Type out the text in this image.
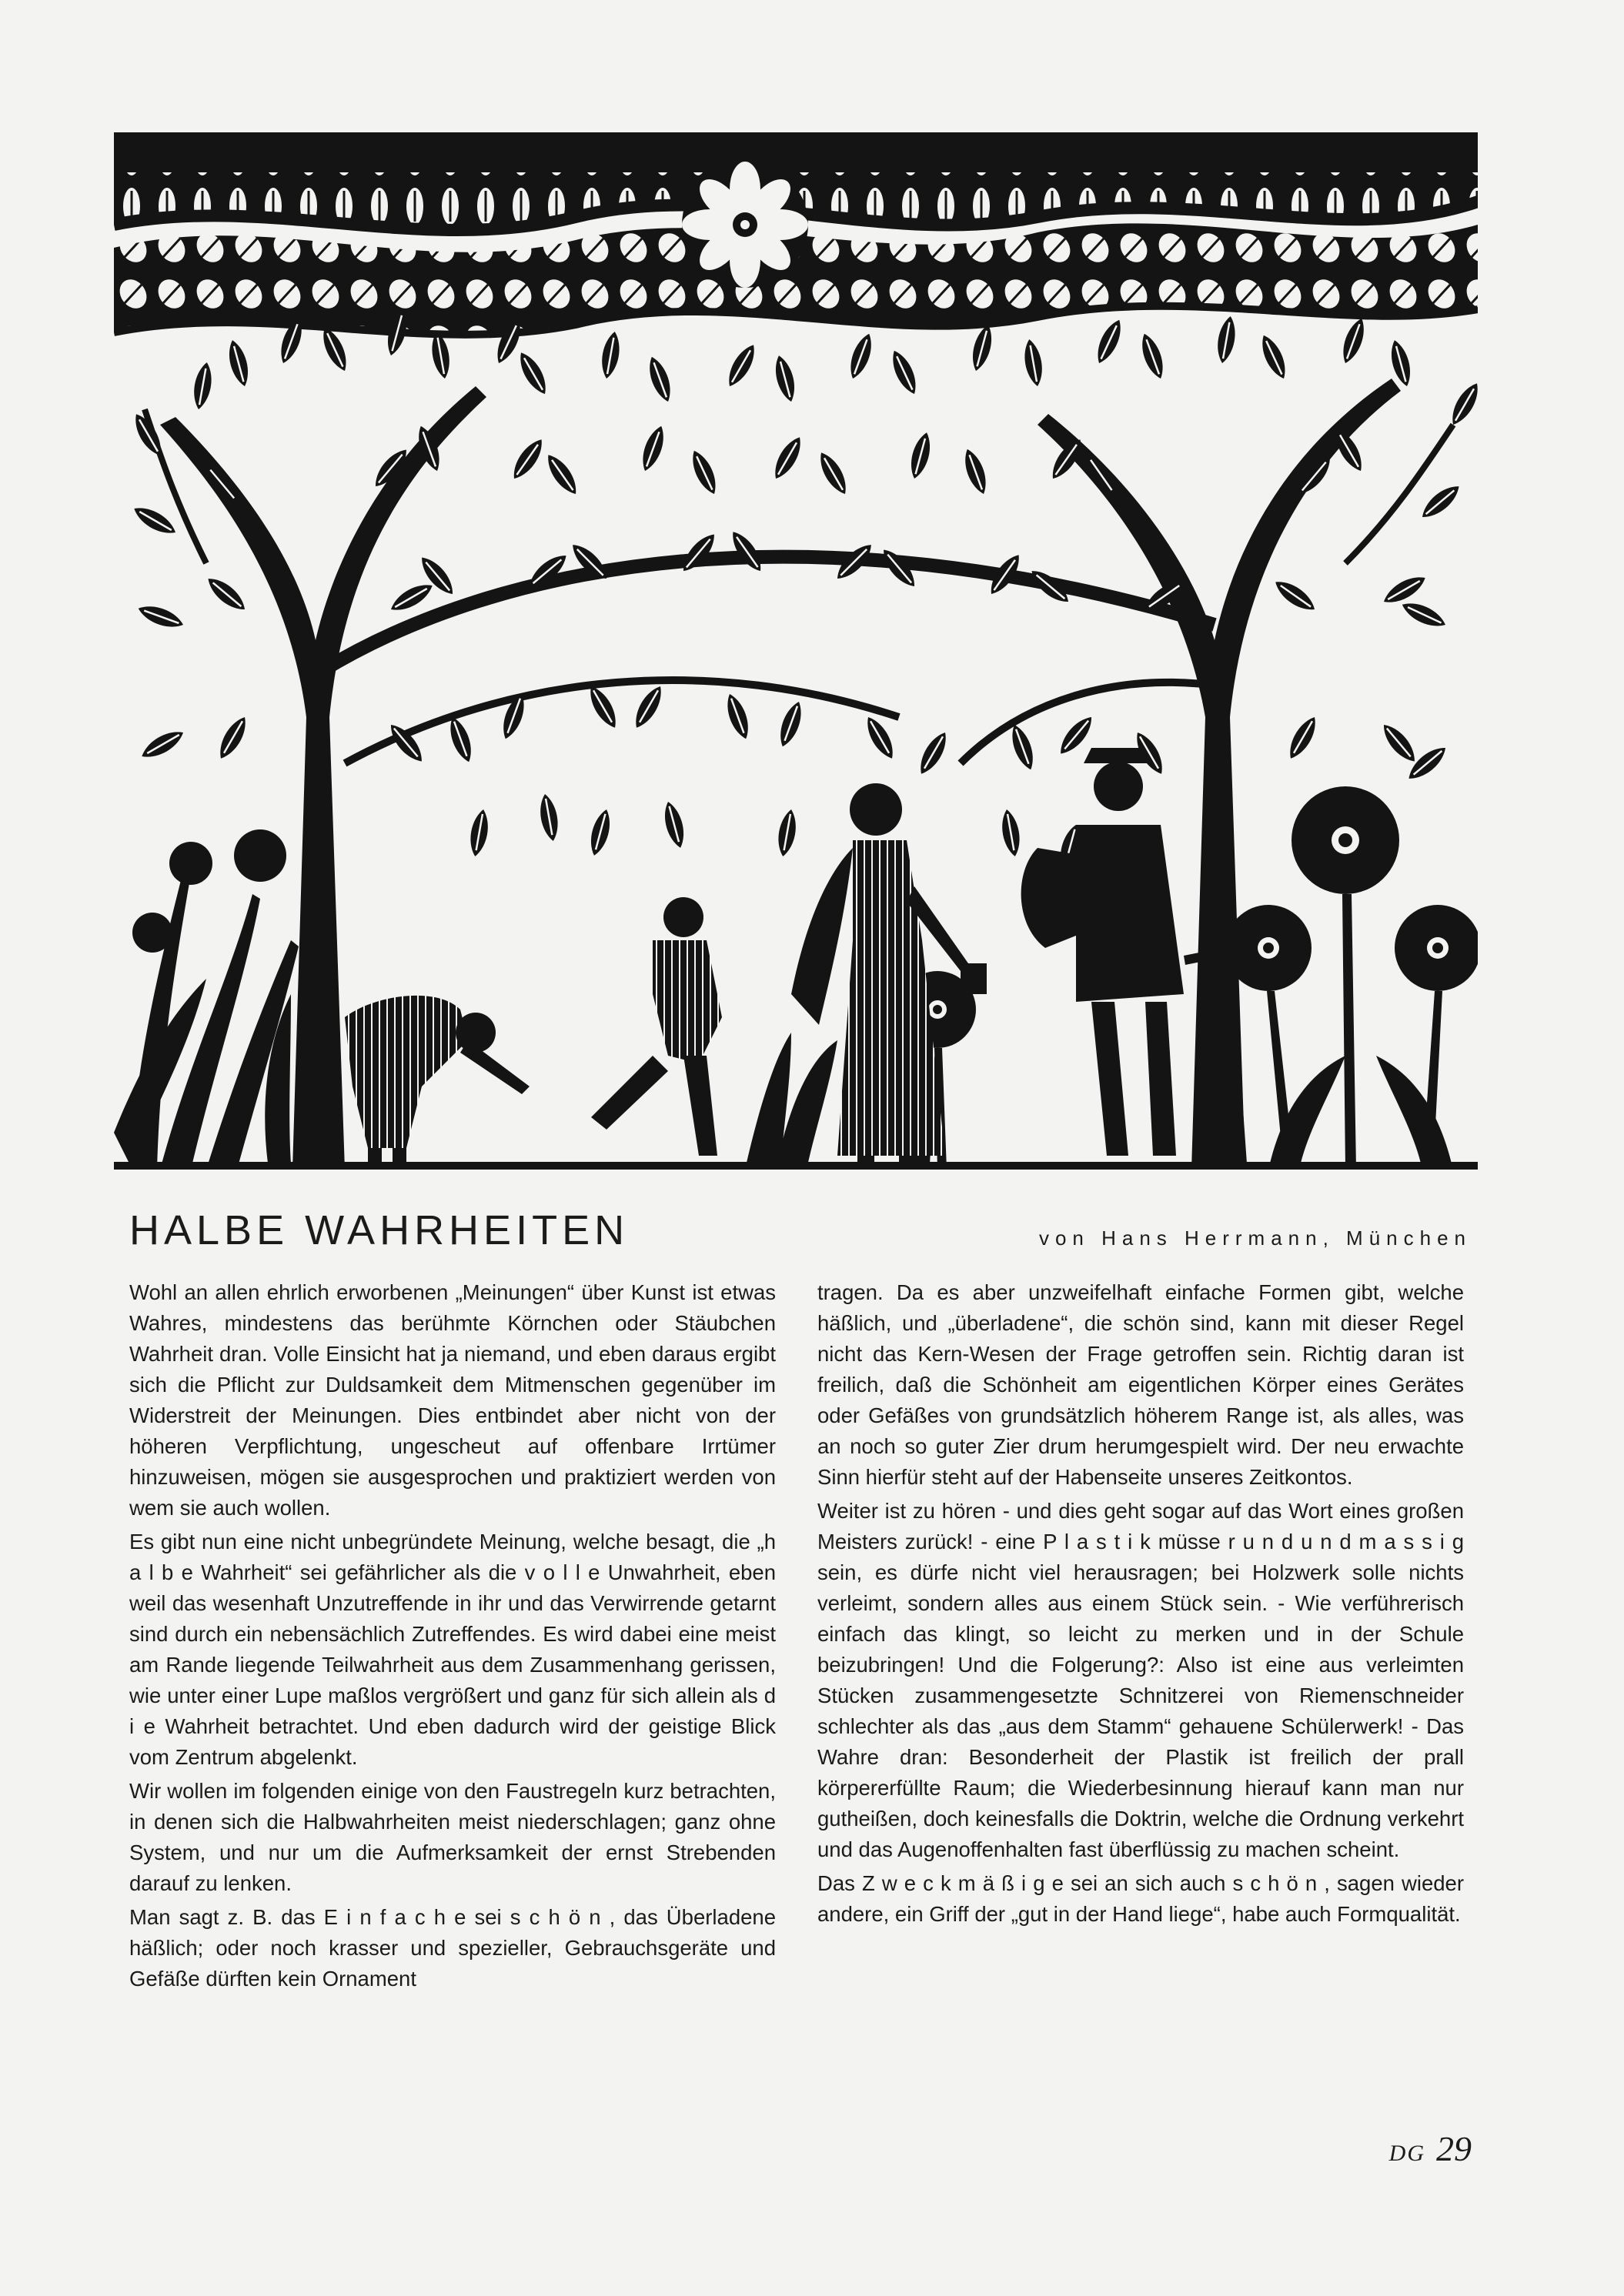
HALBE WAHRHEITEN	von Hans Herrmann, München

Wohl an allen ehrlich erworbenen „Meinungen“ über Kunst ist etwas Wahres, mindestens das berühmte Körnchen oder Stäubchen Wahrheit dran. Volle Einsicht hat ja niemand, und eben daraus ergibt sich die Pflicht zur Duldsamkeit dem Mitmenschen gegenüber im Widerstreit der Meinungen. Dies entbindet aber nicht von der höheren Verpflichtung, ungescheut auf offenbare Irrtümer hinzuweisen, mögen sie ausgesprochen und praktiziert werden von wem sie auch wollen.

Es gibt nun eine nicht unbegründete Meinung, welche besagt, die „h a l b e Wahrheit“ sei gefährlicher als die v o l l e Unwahrheit, eben weil das wesenhaft Unzutreffende in ihr und das Verwirrende getarnt sind durch ein nebensächlich Zutreffendes. Es wird dabei eine meist am Rande liegende Teilwahrheit aus dem Zusammenhang gerissen, wie unter einer Lupe maßlos vergrößert und ganz für sich allein als d i e Wahrheit betrachtet. Und eben dadurch wird der geistige Blick vom Zentrum abgelenkt.

Wir wollen im folgenden einige von den Faustregeln kurz betrachten, in denen sich die Halbwahrheiten meist niederschlagen; ganz ohne System, und nur um die Aufmerksamkeit der ernst Strebenden darauf zu lenken.

Man sagt z. B. das E i n f a c h e sei s c h ö n , das Überladene häßlich; oder noch krasser und spezieller, Gebrauchsgeräte und Gefäße dürften kein Ornament

tragen. Da es aber unzweifelhaft einfache Formen gibt, welche häßlich, und „überladene“, die schön sind, kann mit dieser Regel nicht das Kern-Wesen der Frage getroffen sein. Richtig daran ist freilich, daß die Schönheit am eigentlichen Körper eines Gerätes oder Gefäßes von grundsätzlich höherem Range ist, als alles, was an noch so guter Zier drum herumgespielt wird. Der neu erwachte Sinn hierfür steht auf der Habenseite unseres Zeitkontos.

Weiter ist zu hören - und dies geht sogar auf das Wort eines großen Meisters zurück! - eine P l a s t i k müsse r u n d u n d m a s s i g sein, es dürfe nicht viel herausragen; bei Holzwerk solle nichts verleimt, sondern alles aus einem Stück sein. - Wie verführerisch einfach das klingt, so leicht zu merken und in der Schule beizubringen! Und die Folgerung?: Also ist eine aus verleimten Stücken zusammengesetzte Schnitzerei von Riemenschneider schlechter als das „aus dem Stamm“ gehauene Schülerwerk! - Das Wahre dran: Besonderheit der Plastik ist freilich der prall körpererfüllte Raum; die Wiederbesinnung hierauf kann man nur gutheißen, doch keinesfalls die Doktrin, welche die Ordnung verkehrt und das Augenoffenhalten fast überflüssig zu machen scheint.

Das Z w e c k m ä ß i g e sei an sich auch s c h ö n , sagen wieder andere, ein Griff der „gut in der Hand liege“, habe auch Formqualität.

DG 29
